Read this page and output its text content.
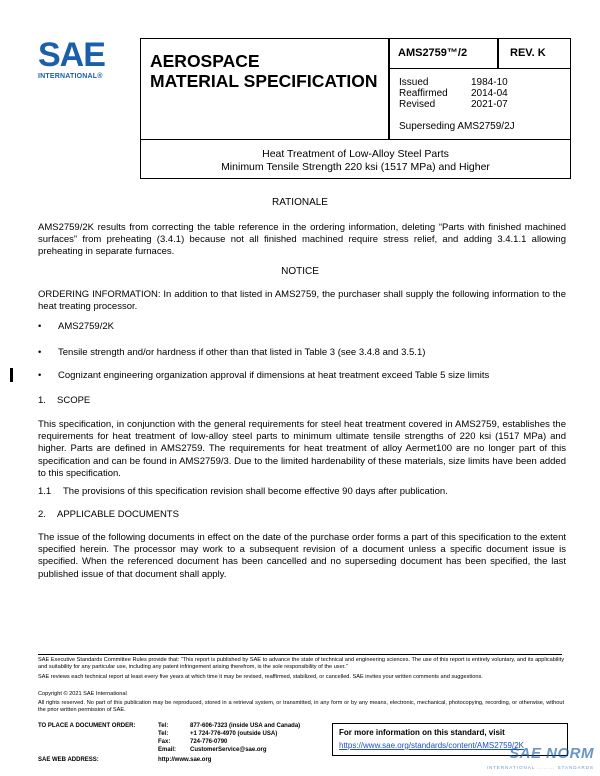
SAE
INTERNATIONAL®
AEROSPACE
MATERIAL SPECIFICATION
AMS2759™/2	REV. K
Issued	1984-10
Reaffirmed 2014-04
Revised	2021-07
Superseding AMS2759/2J
Heat Treatment of Low-Alloy Steel Parts
Minimum Tensile Strength 220 ksi (1517 MPa) and Higher
RATIONALE
AMS2759/2K results from correcting the table reference in the ordering information, deleting “Parts with finished machined surfaces” from preheating (3.4.1) because not all finished machined require stress relief, and adding 3.4.1.1 allowing preheating in separate furnaces.
NOTICE
ORDERING INFORMATION: In addition to that listed in AMS2759, the purchaser shall supply the following information to the heat treating processor.
• AMS2759/2K
• Tensile strength and/or hardness if other than that listed in Table 3 (see 3.4.8 and 3.5.1)
• Cognizant engineering organization approval if dimensions at heat treatment exceed Table 5 size limits
1. SCOPE
This specification, in conjunction with the general requirements for steel heat treatment covered in AMS2759, establishes the requirements for heat treatment of low-alloy steel parts to minimum ultimate tensile strengths of 220 ksi (1517 MPa) and higher. Parts are defined in AMS2759. The requirements for heat treatment of alloy Aermet100 are no longer part of this specification and can be found in AMS2759/3. Due to the limited hardenability of these materials, size limits have been added to this specification.
1.1 The provisions of this specification revision shall become effective 90 days after publication.
2. APPLICABLE DOCUMENTS
The issue of the following documents in effect on the date of the purchase order forms a part of this specification to the extent specified herein. The processor may work to a subsequent revision of a document unless a specific document issue is specified. When the referenced document has been cancelled and no superseding document has been specified, the last published issue of that document shall apply.
SAE Executive Standards Committee Rules provide that: “This report is published by SAE to advance the state of technical and engineering sciences. The use of this report is entirely voluntary, and its applicability and suitability for any particular use, including any patent infringement arising therefrom, is the sole responsibility of the user.”
SAE reviews each technical report at least every five years at which time it may be revised, reaffirmed, stabilized, or cancelled. SAE invites your written comments and suggestions.
Copyright © 2021 SAE International
All rights reserved. No part of this publication may be reproduced, stored in a retrieval system, or transmitted, in any form or by any means, electronic, mechanical, photocopying, recording, or otherwise, without the prior written permission of SAE.
TO PLACE A DOCUMENT ORDER:	Tel:	877-606-7323 (inside USA and Canada)
Tel:	+1 724-776-4970 (outside USA)
Fax:	724-776-0790
Email: CustomerService@sae.org
SAE WEB ADDRESS:	http://www.sae.org
For more information on this standard, visit
https://www.sae.org/standards/content/AMS2759/2K
SAE NORM
INTERNATIONAL ........ STANDARDS
